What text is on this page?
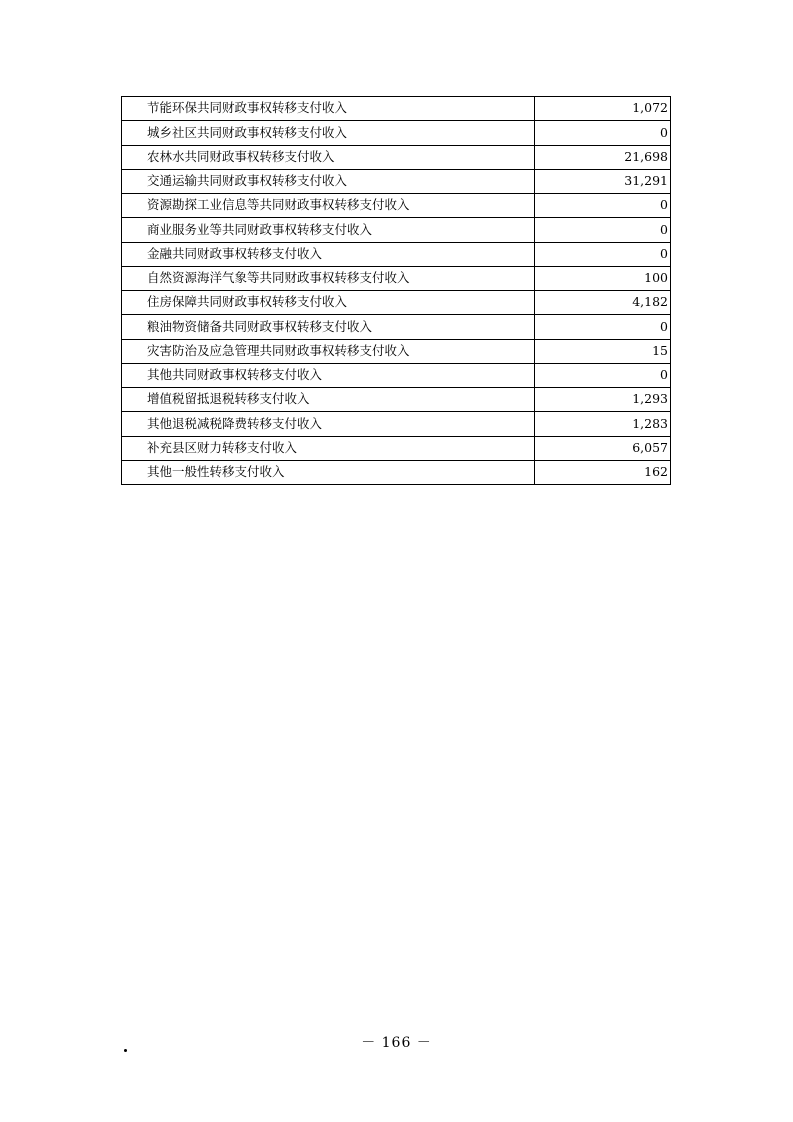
节能环保共同财政事权转移支付收入	1,072
城乡社区共同财政事权转移支付收入	0
农林水共同财政事权转移支付收入	21,698
交通运输共同财政事权转移支付收入	31,291
资源勘探工业信息等共同财政事权转移支付收入	0
商业服务业等共同财政事权转移支付收入	0
金融共同财政事权转移支付收入	0
自然资源海洋气象等共同财政事权转移支付收入	100
住房保障共同财政事权转移支付收入	4,182
粮油物资储备共同财政事权转移支付收入	0
灾害防治及应急管理共同财政事权转移支付收入	15
其他共同财政事权转移支付收入	0
增值税留抵退税转移支付收入	1,293
其他退税减税降费转移支付收入	1,283
补充县区财力转移支付收入	6,057
其他一般性转移支付收入	162
－ 166 －
